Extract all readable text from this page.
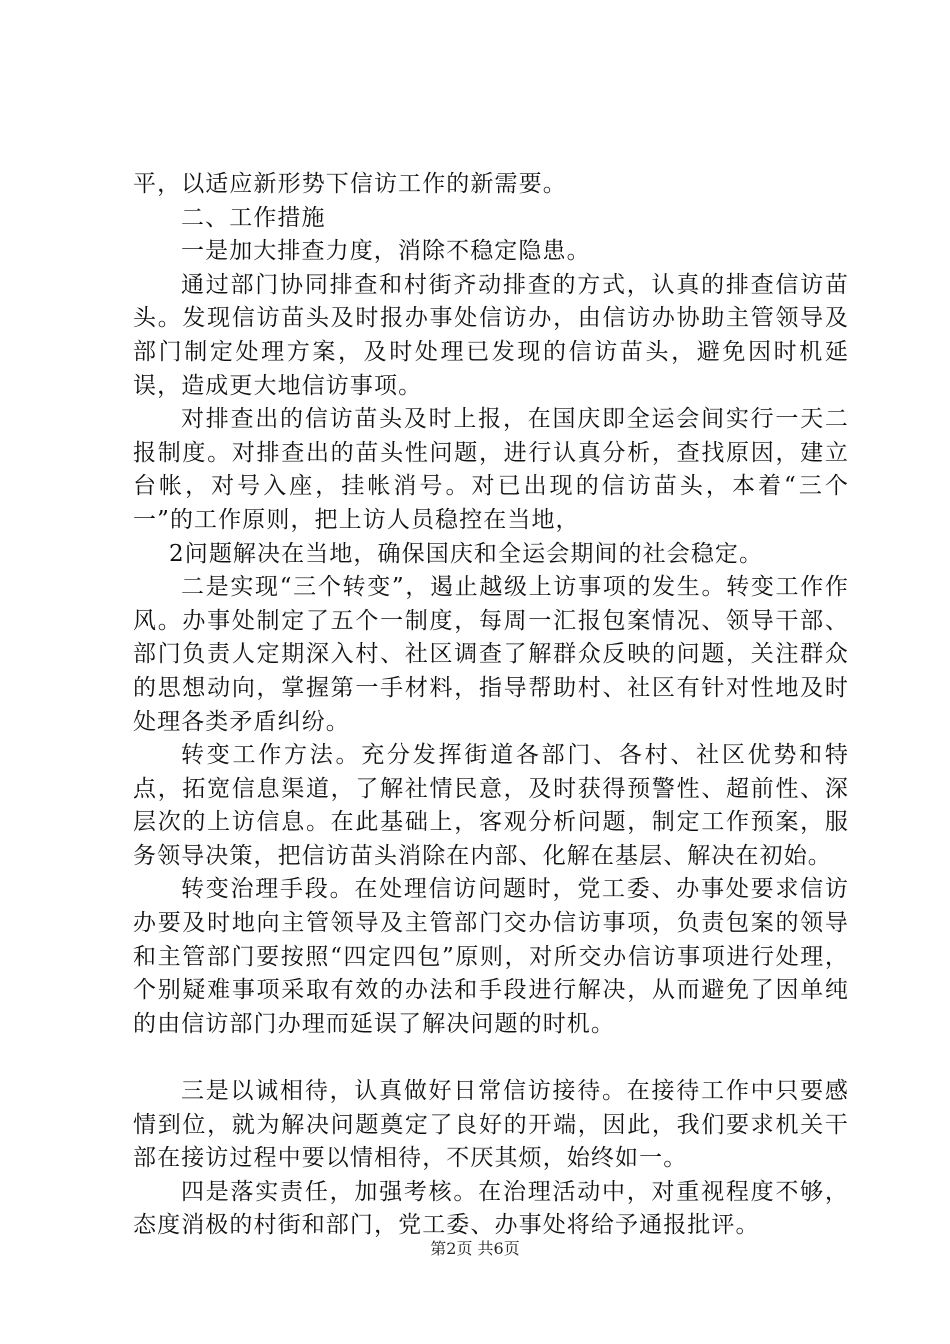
平，以适应新形势下信访工作的新需要。

二、工作措施

一是加大排查力度，消除不稳定隐患。

通过部门协同排查和村街齐动排查的方式，认真的排查信访苗头。发现信访苗头及时报办事处信访办，由信访办协助主管领导及部门制定处理方案，及时处理已发现的信访苗头，避免因时机延误，造成更大地信访事项。

对排查出的信访苗头及时上报，在国庆即全运会间实行一天二报制度。对排查出的苗头性问题，进行认真分析，查找原因，建立台帐，对号入座，挂帐消号。对已出现的信访苗头，本着“三个一”的工作原则，把上访人员稳控在当地，

2问题解决在当地，确保国庆和全运会期间的社会稳定。

二是实现“三个转变”，遏止越级上访事项的发生。转变工作作风。办事处制定了五个一制度，每周一汇报包案情况、领导干部、部门负责人定期深入村、社区调查了解群众反映的问题，关注群众的思想动向，掌握第一手材料，指导帮助村、社区有针对性地及时处理各类矛盾纠纷。

转变工作方法。充分发挥街道各部门、各村、社区优势和特点，拓宽信息渠道，了解社情民意，及时获得预警性、超前性、深层次的上访信息。在此基础上，客观分析问题，制定工作预案，服务领导决策，把信访苗头消除在内部、化解在基层、解决在初始。

转变治理手段。在处理信访问题时，党工委、办事处要求信访办要及时地向主管领导及主管部门交办信访事项，负责包案的领导和主管部门要按照“四定四包”原则，对所交办信访事项进行处理，个别疑难事项采取有效的办法和手段进行解决，从而避免了因单纯的由信访部门办理而延误了解决问题的时机。

三是以诚相待，认真做好日常信访接待。在接待工作中只要感情到位，就为解决问题奠定了良好的开端，因此，我们要求机关干部在接访过程中要以情相待，不厌其烦，始终如一。

四是落实责任，加强考核。在治理活动中，对重视程度不够，态度消极的村街和部门，党工委、办事处将给予通报批评。

第2页 共6页
